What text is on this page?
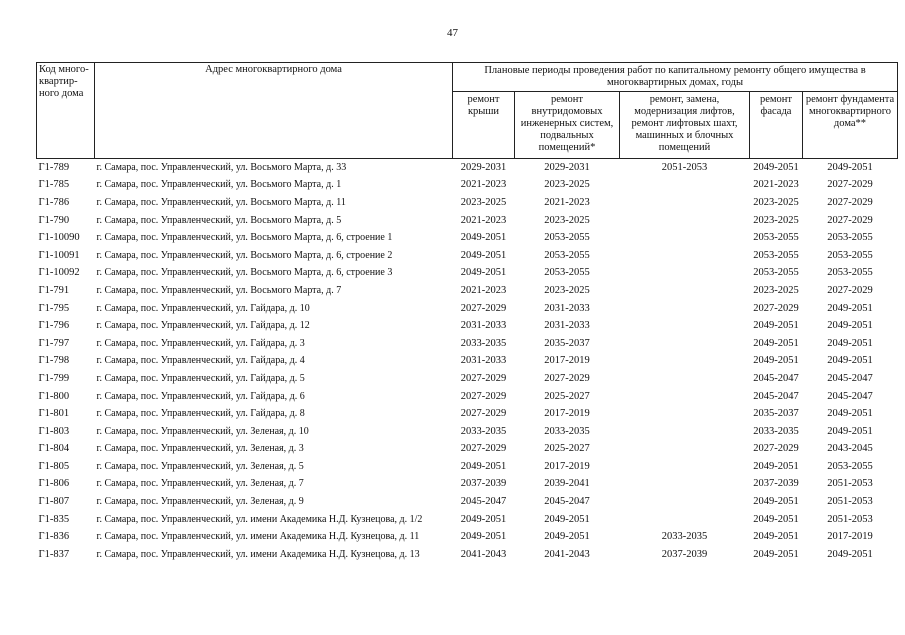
47
Код много-квартир-ного дома	Адрес многоквартирного дома	Плановые периоды проведения работ по капитальному ремонту общего имущества в многоквартирных домах, годы				
		ремонт крыши	ремонт внутридомовых инженерных систем, подвальных помещений*	ремонт, замена, модернизация лифтов, ремонт лифтовых шахт, машинных и блочных помещений	ремонт фасада	ремонт фундамента многоквартирного дома**
Г1-789	г. Самара, пос. Управленческий, ул. Восьмого Марта, д. 33	2029-2031	2029-2031	2051-2053	2049-2051	2049-2051
Г1-785	г. Самара, пос. Управленческий, ул. Восьмого Марта, д. 1	2021-2023	2023-2025		2021-2023	2027-2029
Г1-786	г. Самара, пос. Управленческий, ул. Восьмого Марта, д. 11	2023-2025	2021-2023		2023-2025	2027-2029
Г1-790	г. Самара, пос. Управленческий, ул. Восьмого Марта, д. 5	2021-2023	2023-2025		2023-2025	2027-2029
Г1-10090	г. Самара, пос. Управленческий, ул. Восьмого Марта, д. 6, строение 1	2049-2051	2053-2055		2053-2055	2053-2055
Г1-10091	г. Самара, пос. Управленческий, ул. Восьмого Марта, д. 6, строение 2	2049-2051	2053-2055		2053-2055	2053-2055
Г1-10092	г. Самара, пос. Управленческий, ул. Восьмого Марта, д. 6, строение 3	2049-2051	2053-2055		2053-2055	2053-2055
Г1-791	г. Самара, пос. Управленческий, ул. Восьмого Марта, д. 7	2021-2023	2023-2025		2023-2025	2027-2029
Г1-795	г. Самара, пос. Управленческий, ул. Гайдара, д. 10	2027-2029	2031-2033		2027-2029	2049-2051
Г1-796	г. Самара, пос. Управленческий, ул. Гайдара, д. 12	2031-2033	2031-2033		2049-2051	2049-2051
Г1-797	г. Самара, пос. Управленческий, ул. Гайдара, д. 3	2033-2035	2035-2037		2049-2051	2049-2051
Г1-798	г. Самара, пос. Управленческий, ул. Гайдара, д. 4	2031-2033	2017-2019		2049-2051	2049-2051
Г1-799	г. Самара, пос. Управленческий, ул. Гайдара, д. 5	2027-2029	2027-2029		2045-2047	2045-2047
Г1-800	г. Самара, пос. Управленческий, ул. Гайдара, д. 6	2027-2029	2025-2027		2045-2047	2045-2047
Г1-801	г. Самара, пос. Управленческий, ул. Гайдара, д. 8	2027-2029	2017-2019		2035-2037	2049-2051
Г1-803	г. Самара, пос. Управленческий, ул. Зеленая, д. 10	2033-2035	2033-2035		2033-2035	2049-2051
Г1-804	г. Самара, пос. Управленческий, ул. Зеленая, д. 3	2027-2029	2025-2027		2027-2029	2043-2045
Г1-805	г. Самара, пос. Управленческий, ул. Зеленая, д. 5	2049-2051	2017-2019		2049-2051	2053-2055
Г1-806	г. Самара, пос. Управленческий, ул. Зеленая, д. 7	2037-2039	2039-2041		2037-2039	2051-2053
Г1-807	г. Самара, пос. Управленческий, ул. Зеленая, д. 9	2045-2047	2045-2047		2049-2051	2051-2053
Г1-835	г. Самара, пос. Управленческий, ул. имени Академика Н.Д. Кузнецова, д. 1/2	2049-2051	2049-2051		2049-2051	2051-2053
Г1-836	г. Самара, пос. Управленческий, ул. имени Академика Н.Д. Кузнецова, д. 11	2049-2051	2049-2051	2033-2035	2049-2051	2017-2019
Г1-837	г. Самара, пос. Управленческий, ул. имени Академика Н.Д. Кузнецова, д. 13	2041-2043	2041-2043	2037-2039	2049-2051	2049-2051
